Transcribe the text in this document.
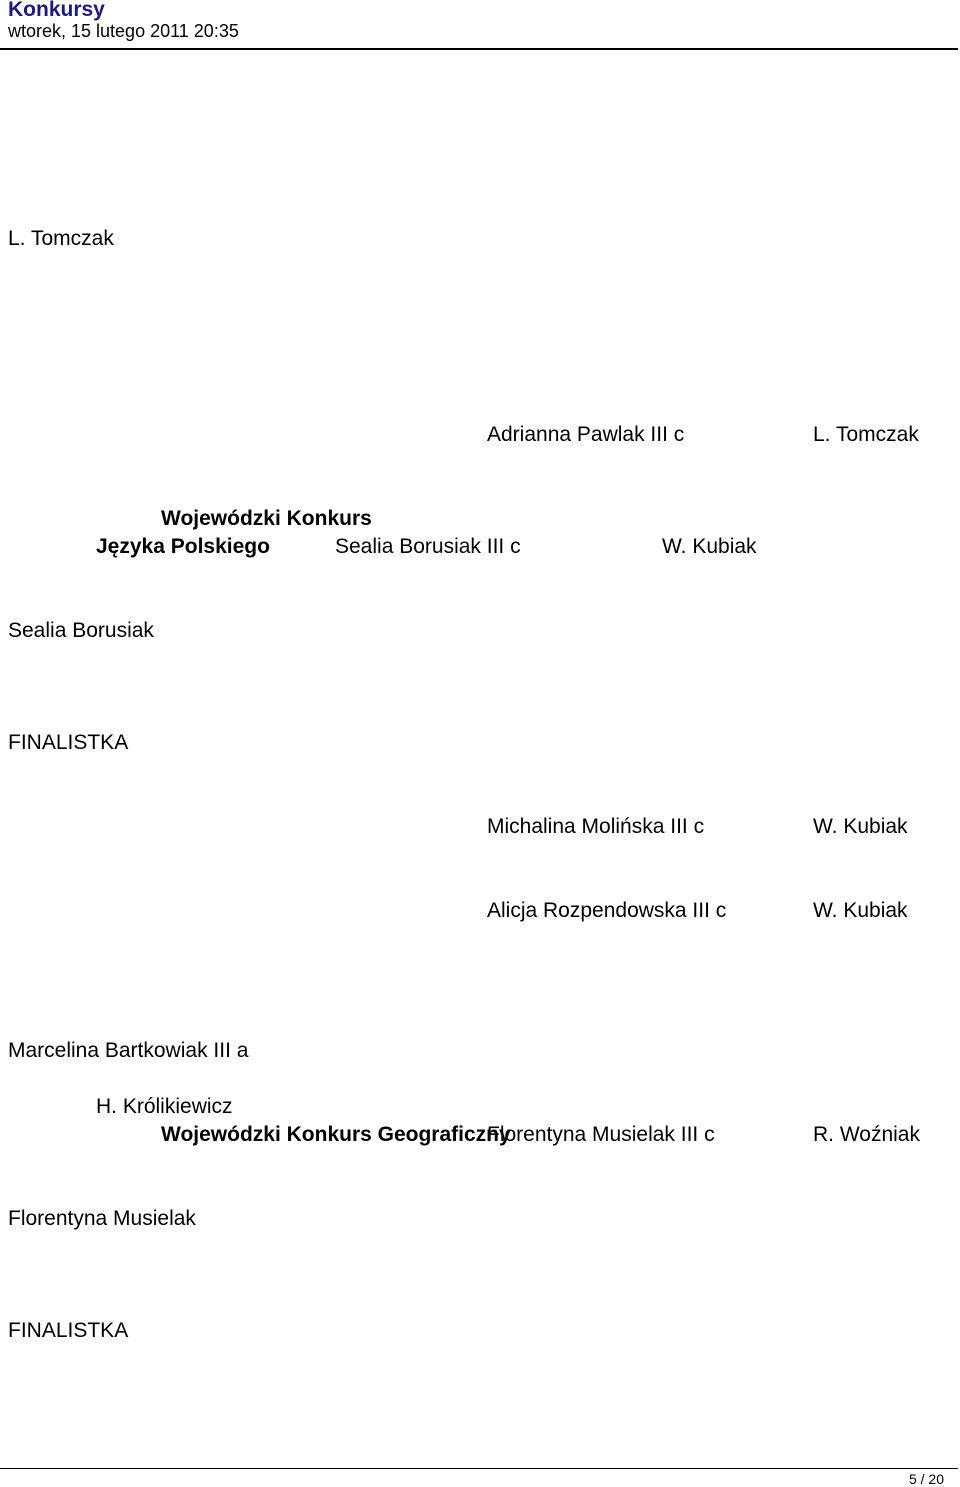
Konkursy
wtorek, 15 lutego 2011 20:35
L. Tomczak
Adrianna Pawlak III c	L. Tomczak
Wojewódzki Konkurs
Języka Polskiego	Sealia Borusiak III c	W. Kubiak
Sealia Borusiak
FINALISTKA
Michalina Molińska III c	W. Kubiak
Alicja Rozpendowska III c	W. Kubiak
Marcelina Bartkowiak III a
H. Królikiewicz
Wojewódzki Konkurs Geograficzny
Florentyna Musielak III c	R. Woźniak
Florentyna Musielak
FINALISTKA
5 / 20
